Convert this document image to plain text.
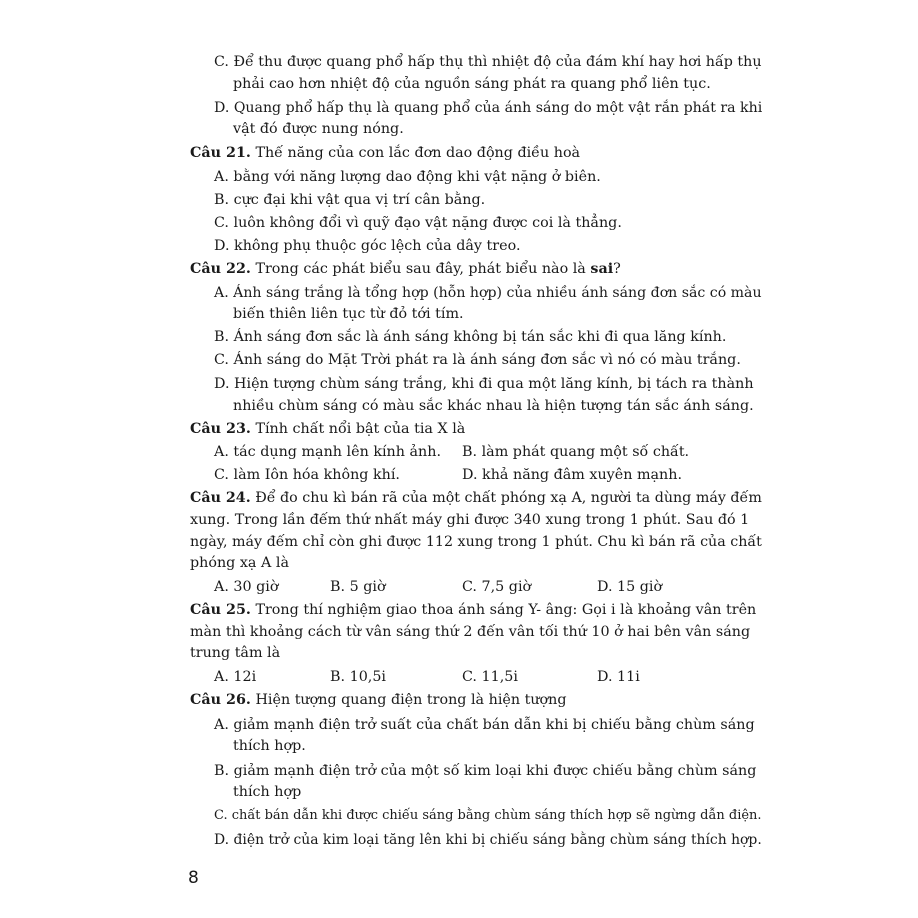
C. Để thu được quang phổ hấp thụ thì nhiệt độ của đám khí hay hơi hấp thụ
phải cao hơn nhiệt độ của nguồn sáng phát ra quang phổ liên tục.
D. Quang phổ hấp thụ là quang phổ của ánh sáng do một vật rắn phát ra khi
vật đó được nung nóng.
Câu 21. Thế năng của con lắc đơn dao động điều hoà
A. bằng với năng lượng dao động khi vật nặng ở biên.
B. cực đại khi vật qua vị trí cân bằng.
C. luôn không đổi vì quỹ đạo vật nặng được coi là thẳng.
D. không phụ thuộc góc lệch của dây treo.
Câu 22. Trong các phát biểu sau đây, phát biểu nào là sai?
A. Ánh sáng trắng là tổng hợp (hỗn hợp) của nhiều ánh sáng đơn sắc có màu
biến thiên liên tục từ đỏ tới tím.
B. Ánh sáng đơn sắc là ánh sáng không bị tán sắc khi đi qua lăng kính.
C. Ánh sáng do Mặt Trời phát ra là ánh sáng đơn sắc vì nó có màu trắng.
D. Hiện tượng chùm sáng trắng, khi đi qua một lăng kính, bị tách ra thành
nhiều chùm sáng có màu sắc khác nhau là hiện tượng tán sắc ánh sáng.
Câu 23. Tính chất nổi bật của tia X là
A. tác dụng mạnh lên kính ảnh. B. làm phát quang một số chất.
C. làm Iôn hóa không khí.	D. khả năng đâm xuyên mạnh.
Câu 24. Để đo chu kì bán rã của một chất phóng xạ A, người ta dùng máy đếm
xung. Trong lần đếm thứ nhất máy ghi được 340 xung trong 1 phút. Sau đó 1
ngày, máy đếm chỉ còn ghi được 112 xung trong 1 phút. Chu kì bán rã của chất
phóng xạ A là
A. 30 giờ	B. 5 giờ	C. 7,5 giờ	D. 15 giờ
Câu 25. Trong thí nghiệm giao thoa ánh sáng Y- âng: Gọi i là khoảng vân trên
màn thì khoảng cách từ vân sáng thứ 2 đến vân tối thứ 10 ở hai bên vân sáng
trung tâm là
A. 12i	B. 10,5i	C. 11,5i	D. 11i
Câu 26. Hiện tượng quang điện trong là hiện tượng
A. giảm mạnh điện trở suất của chất bán dẫn khi bị chiếu bằng chùm sáng
thích hợp.
B. giảm mạnh điện trở của một số kim loại khi được chiếu bằng chùm sáng
thích hợp
C. chất bán dẫn khi được chiếu sáng bằng chùm sáng thích hợp sẽ ngừng dẫn điện.
D. điện trở của kim loại tăng lên khi bị chiếu sáng bằng chùm sáng thích hợp.
8
